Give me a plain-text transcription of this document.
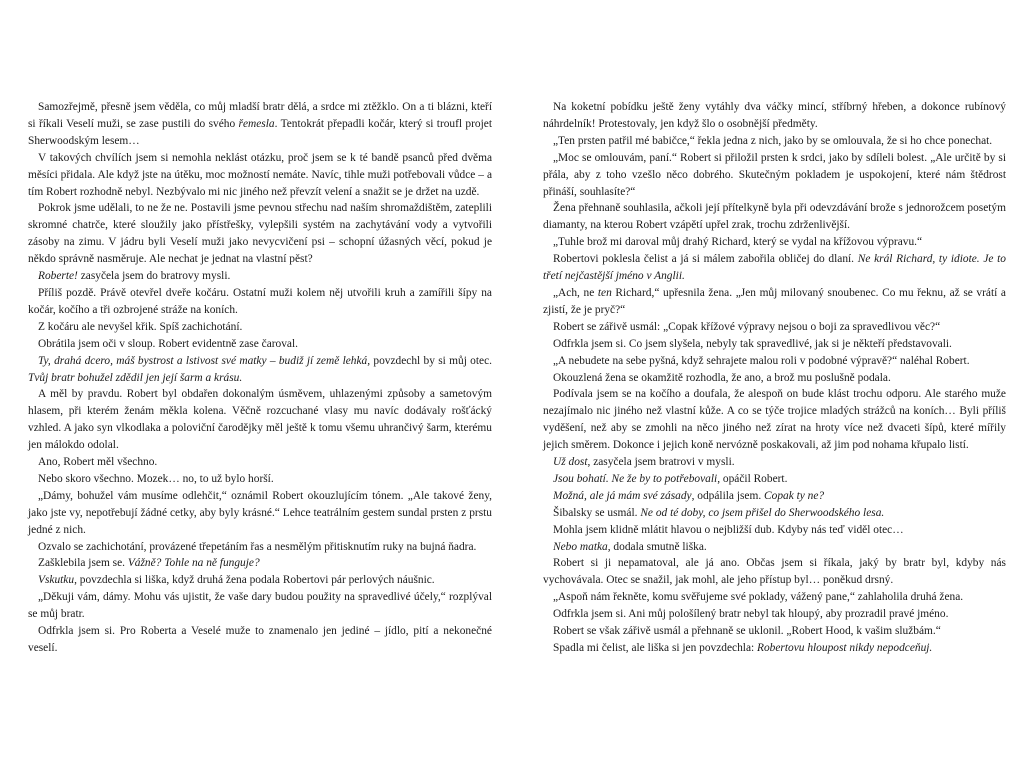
Samozřejmě, přesně jsem věděla, co můj mladší bratr dělá, a srdce mi ztěžklo. On a ti blázni, kteří si říkali Veselí muži, se zase pustili do svého řemesla. Tentokrát přepadli kočár, který si troufl projet Sherwoodským lesem…

V takových chvílích jsem si nemohla neklást otázku, proč jsem se k té bandě psanců před dvěma měsíci přidala. Ale když jste na útěku, moc možností nemáte. Navíc, tihle muži potřebovali vůdce – a tím Robert rozhodně nebyl. Nezbývalo mi nic jiného než převzít velení a snažit se je držet na uzdě.

Pokrok jsme udělali, to ne že ne. Postavili jsme pevnou střechu nad naším shromaždištěm, zateplili skromné chatrče, které sloužily jako přístřešky, vylepšili systém na zachytávání vody a vytvořili zásoby na zimu. V jádru byli Veselí muži jako nevycvičení psi – schopní úžasných věcí, pokud je někdo správně nasměruje. Ale nechat je jednat na vlastní pěst?

Roberte! zasyčela jsem do bratrovy mysli.

Příliš pozdě. Právě otevřel dveře kočáru. Ostatní muži kolem něj utvořili kruh a zamířili šípy na kočár, kočího a tři ozbrojené stráže na koních.

Z kočáru ale nevyšel křik. Spíš zachichotání.

Obrátila jsem oči v sloup. Robert evidentně zase čaroval.

Ty, drahá dcero, máš bystrost a lstivost své matky – budiž jí země lehká, povzdechl by si můj otec. Tvůj bratr bohužel zdědil jen její šarm a krásu.

A měl by pravdu. Robert byl obdařen dokonalým úsměvem, uhlazenými způsoby a sametovým hlasem, při kterém ženám měkla kolena. Věčně rozcuchané vlasy mu navíc dodávaly rošťácký vzhled. A jako syn vlkodlaka a poloviční čarodějky měl ještě k tomu všemu uhrančivý šarm, kterému jen málokdo odolal.

Ano, Robert měl všechno.

Nebo skoro všechno. Mozek… no, to už bylo horší.

„Dámy, bohužel vám musíme odlehčit,“ oznámil Robert okouzlujícím tónem. „Ale takové ženy, jako jste vy, nepotřebují žádné cetky, aby byly krásné.“ Lehce teatrálním gestem sundal prsten z prstu jedné z nich.

Ozvalo se zachichotání, provázené třepetáním řas a nesmělým přitisknutím ruky na bujná ňadra.

Zašklebila jsem se. Vážně? Tohle na ně funguje?

Vskutku, povzdechla si liška, když druhá žena podala Robertovi pár perlových náušnic.

„Děkuji vám, dámy. Mohu vás ujistit, že vaše dary budou použity na spravedlivé účely,“ rozplýval se můj bratr.

Odfrkla jsem si. Pro Roberta a Veselé muže to znamenalo jen jediné – jídlo, pití a nekonečné veselí.

Na koketní pobídku ještě ženy vytáhly dva váčky mincí, stříbrný hřeben, a dokonce rubínový náhrdelník! Protestovaly, jen když šlo o osobnější předměty.

„Ten prsten patřil mé babičce,“ řekla jedna z nich, jako by se omlouvala, že si ho chce ponechat.

„Moc se omlouvám, paní.“ Robert si přiložil prsten k srdci, jako by sdíleli bolest. „Ale určitě by si přála, aby z toho vzešlo něco dobrého. Skutečným pokladem je uspokojení, které nám štědrost přináší, souhlasíte?“

Žena přehnaně souhlasila, ačkoli její přítelkyně byla při odevzdávání brože s jednorožcem posetým diamanty, na kterou Robert vzápětí upřel zrak, trochu zdrženlivější.

„Tuhle brož mi daroval můj drahý Richard, který se vydal na křížovou výpravu.“

Robertovi poklesla čelist a já si málem zabořila obličej do dlaní. Ne král Richard, ty idiote. Je to třetí nejčastější jméno v Anglii.

„Ach, ne ten Richard,“ upřesnila žena. „Jen můj milovaný snoubenec. Co mu řeknu, až se vrátí a zjistí, že je pryč?“

Robert se zářivě usmál: „Copak křížové výpravy nejsou o boji za spravedlivou věc?“

Odfrkla jsem si. Co jsem slyšela, nebyly tak spravedlivé, jak si je někteří představovali.

„A nebudete na sebe pyšná, když sehrajete malou roli v podobné výpravě?“ naléhal Robert.

Okouzlená žena se okamžitě rozhodla, že ano, a brož mu poslušně podala.

Podívala jsem se na kočího a doufala, že alespoň on bude klást trochu odporu. Ale starého muže nezajímalo nic jiného než vlastní kůže. A co se týče trojice mladých strážců na koních… Byli příliš vyděšení, než aby se zmohli na něco jiného než zírat na hroty více než dvaceti šípů, které mířily jejich směrem. Dokonce i jejich koně nervózně poskakovali, až jim pod nohama křupalo listí.

Už dost, zasyčela jsem bratrovi v mysli.

Jsou bohatí. Ne že by to potřebovali, opáčil Robert.

Možná, ale já mám své zásady, odpálila jsem. Copak ty ne?

Šibalsky se usmál. Ne od té doby, co jsem přišel do Sherwoodského lesa.

Mohla jsem klidně mlátit hlavou o nejbližší dub. Kdyby nás teď viděl otec…

Nebo matka, dodala smutně liška.

Robert si ji nepamatoval, ale já ano. Občas jsem si říkala, jaký by bratr byl, kdyby nás vychovávala. Otec se snažil, jak mohl, ale jeho přístup byl… poněkud drsný.

„Aspoň nám řekněte, komu svěřujeme své poklady, vážený pane,“ zahlaholila druhá žena.

Odfrkla jsem si. Ani můj pološílený bratr nebyl tak hloupý, aby prozradil pravé jméno.

Robert se však zářivě usmál a přehnaně se uklonil. „Robert Hood, k vašim službám.“

Spadla mi čelist, ale liška si jen povzdechla: Robertovu hloupost nikdy nepodceňuj.
